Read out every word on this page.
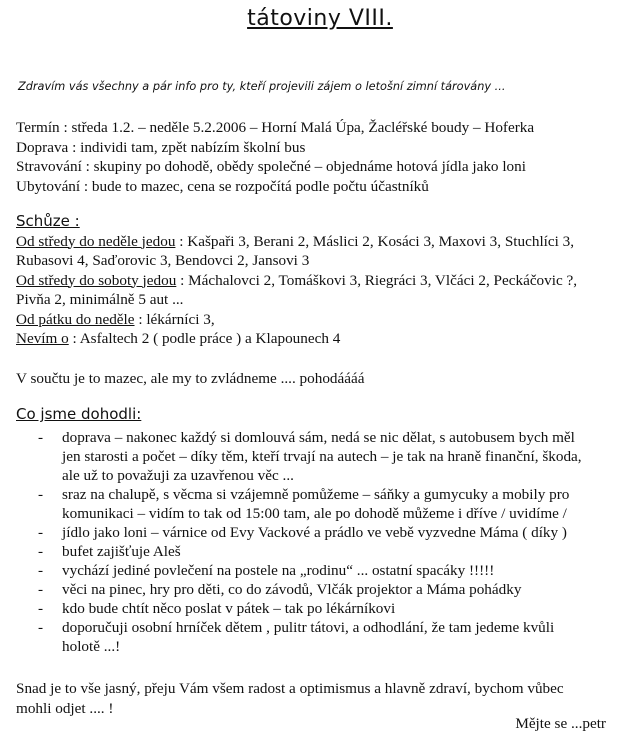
tátoviny VIII.
Zdravím vás všechny a pár info pro ty, kteří projevili zájem o letošní zimní tárovány ...
Termín : středa 1.2. – neděle 5.2.2006 – Horní Malá Úpa, Žacléřské boudy – Hoferka
Doprava : individi tam, zpět nabízím školní bus
Stravování : skupiny po dohodě, obědy společné – objednáme hotová jídla jako loni
Ubytování : bude to mazec, cena se rozpočítá podle počtu účastníků
Schůze :
Od středy do neděle jedou : Kašpaři 3, Berani 2, Máslici 2, Kosáci 3, Maxovi 3, Stuchlíci 3,
Rubasovi 4, Saďorovic 3, Bendovci 2, Jansovi 3
Od středy do soboty jedou : Máchalovci 2, Tomáškovi 3, Riegráci 3, Vlčáci 2, Peckáčovic ?,
Pivňa 2, minimálně 5 aut ...
Od pátku do neděle : lékárníci 3,
Nevím o : Asfaltech 2 ( podle práce ) a Klapounech 4
V součtu je to mazec, ale my to zvládneme .... pohodáááá
Co jsme dohodli:
-	doprava – nakonec každý si domlouvá sám, nedá se nic dělat, s autobusem bych měl
jen starosti a počet – díky těm, kteří trvají na autech – je tak na hraně finanční, škoda,
ale už to považuji za uzavřenou věc ...
-	sraz na chalupě, s věcma si vzájemně pomůžeme – sáňky a gumycuky a mobily pro
komunikaci – vidím to tak od 15:00 tam, ale po dohodě můžeme i dříve / uvidíme /
-	jídlo jako loni – várnice od Evy Vackové a prádlo ve vebě vyzvedne Máma ( díky )
-	bufet zajišťuje Aleš
-	vychází jediné povlečení na postele na „rodinu“ ... ostatní spacáky !!!!!
-	věci na pinec, hry pro děti, co do závodů, Vlčák projektor a Máma pohádky
-	kdo bude chtít něco poslat v pátek – tak po lékárníkovi
-	doporučuji osobní hrníček dětem , pulitr tátovi, a odhodlání, že tam jedeme kvůli
holotě ...!
Snad je to vše jasný, přeju Vám všem radost a optimismus a hlavně zdraví, bychom vůbec
mohli odjet .... !
Mějte se ...petr
